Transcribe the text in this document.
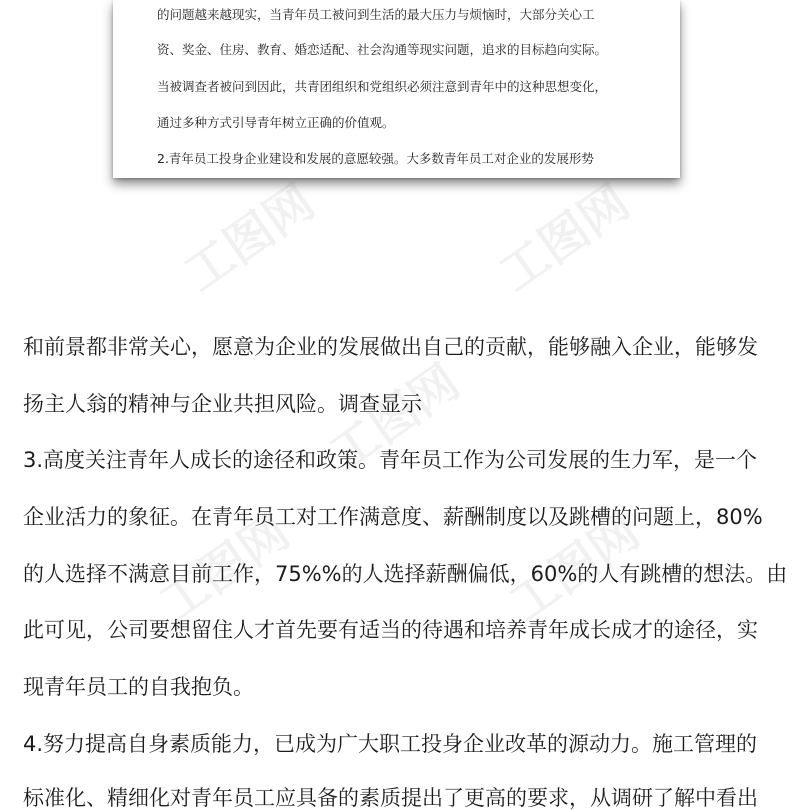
工图网	工图网
工图网
工图网	工图网
的问题越来越现实，当青年员工被问到生活的最大压力与烦恼时，大部分关心工
资、奖金、住房、教育、婚恋适配、社会沟通等现实问题，追求的目标趋向实际。
当被调查者被问到因此，共青团组织和党组织必须注意到青年中的这种思想变化，
通过多种方式引导青年树立正确的价值观。
2.青年员工投身企业建设和发展的意愿较强。大多数青年员工对企业的发展形势
和前景都非常关心，愿意为企业的发展做出自己的贡献，能够融入企业，能够发
扬主人翁的精神与企业共担风险。调查显示
3.高度关注青年人成长的途径和政策。青年员工作为公司发展的生力军，是一个
企业活力的象征。在青年员工对工作满意度、薪酬制度以及跳槽的问题上，80%
的人选择不满意目前工作，75%%的人选择薪酬偏低，60%的人有跳槽的想法。由
此可见，公司要想留住人才首先要有适当的待遇和培养青年成长成才的途径，实
现青年员工的自我抱负。
4.努力提高自身素质能力，已成为广大职工投身企业改革的源动力。施工管理的
标准化、精细化对青年员工应具备的素质提出了更高的要求，从调研了解中看出
